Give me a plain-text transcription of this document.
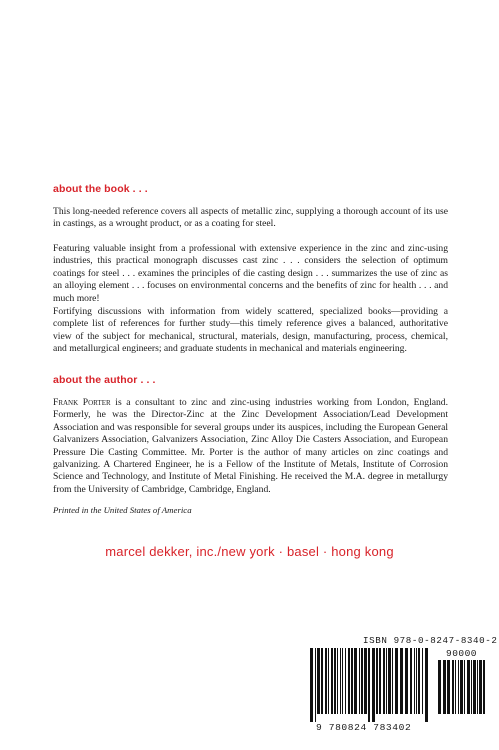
about the book . . .

This long-needed reference covers all aspects of metallic zinc, supplying a thorough account of its use in castings, as a wrought product, or as a coating for steel.

Featuring valuable insight from a professional with extensive experience in the zinc and zinc-using industries, this practical monograph discusses cast zinc . . . considers the selection of optimum coatings for steel . . . examines the principles of die casting design . . . summarizes the use of zinc as an alloying element . . . focuses on environmental concerns and the benefits of zinc for health . . . and much more!

Fortifying discussions with information from widely scattered, specialized books—providing a complete list of references for further study—this timely reference gives a balanced, authoritative view of the subject for mechanical, structural, materials, design, manufacturing, process, chemical, and metallurgical engineers; and graduate students in mechanical and materials engineering.

about the author . . .

Frank Porter is a consultant to zinc and zinc-using industries working from London, England. Formerly, he was the Director-Zinc at the Zinc Development Association/Lead Development Association and was responsible for several groups under its auspices, including the European General Galvanizers Association, Galvanizers Association, Zinc Alloy Die Casters Association, and European Pressure Die Casting Committee. Mr. Porter is the author of many articles on zinc coatings and galvanizing. A Chartered Engineer, he is a Fellow of the Institute of Metals, Institute of Corrosion Science and Technology, and Institute of Metal Finishing. He received the M.A. degree in metallurgy from the University of Cambridge, Cambridge, England.

Printed in the United States of America
marcel dekker, inc./new york · basel · hong kong
ISBN 978-0-8247-8340-2
90000
9 780824 783402
